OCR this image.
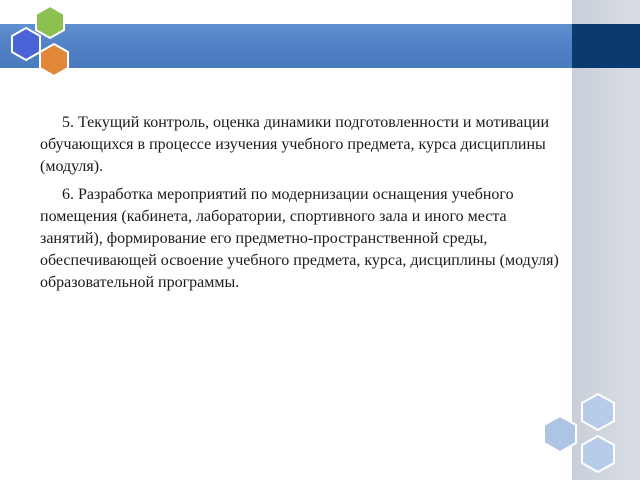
5. Текущий контроль, оценка динамики подготовленности и мотивации обучающихся в процессе изучения учебного предмета, курса дисциплины (модуля).

6. Разработка мероприятий по модернизации оснащения учебного помещения (кабинета, лаборатории, спортивного зала и иного места занятий), формирование его предметно-пространственной среды, обеспечивающей освоение учебного предмета, курса, дисциплины (модуля) образовательной программы.
